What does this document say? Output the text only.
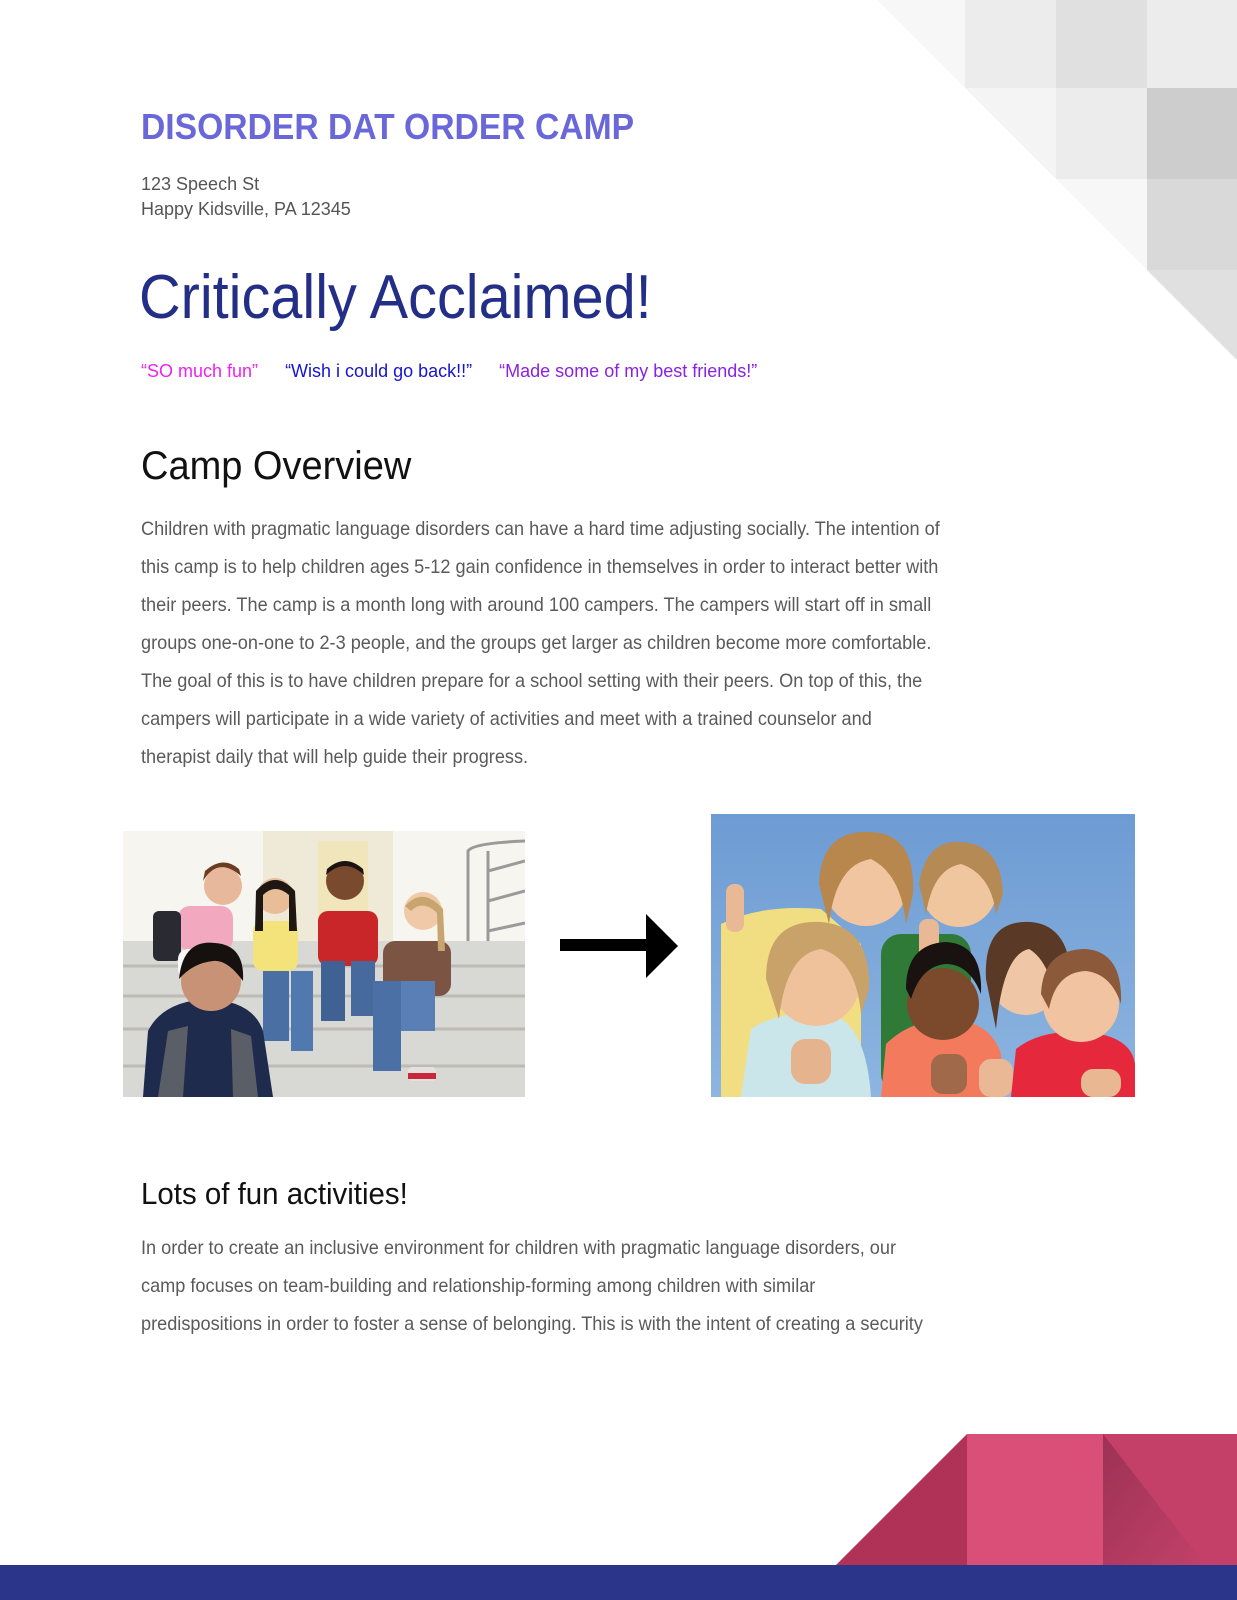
DISORDER DAT ORDER CAMP
123 Speech St
Happy Kidsville, PA 12345
Critically Acclaimed!
“SO much fun” “Wish i could go back!!” “Made some of my best friends!”
Camp Overview
Children with pragmatic language disorders can have a hard time adjusting socially. The intention of
this camp is to help children ages 5-12 gain confidence in themselves in order to interact better with
their peers. The camp is a month long with around 100 campers. The campers will start off in small
groups one-on-one to 2-3 people, and the groups get larger as children become more comfortable.
The goal of this is to have children prepare for a school setting with their peers. On top of this, the
campers will participate in a wide variety of activities and meet with a trained counselor and
therapist daily that will help guide their progress.
Lots of fun activities!
In order to create an inclusive environment for children with pragmatic language disorders, our
camp focuses on team-building and relationship-forming among children with similar
predispositions in order to foster a sense of belonging. This is with the intent of creating a security
